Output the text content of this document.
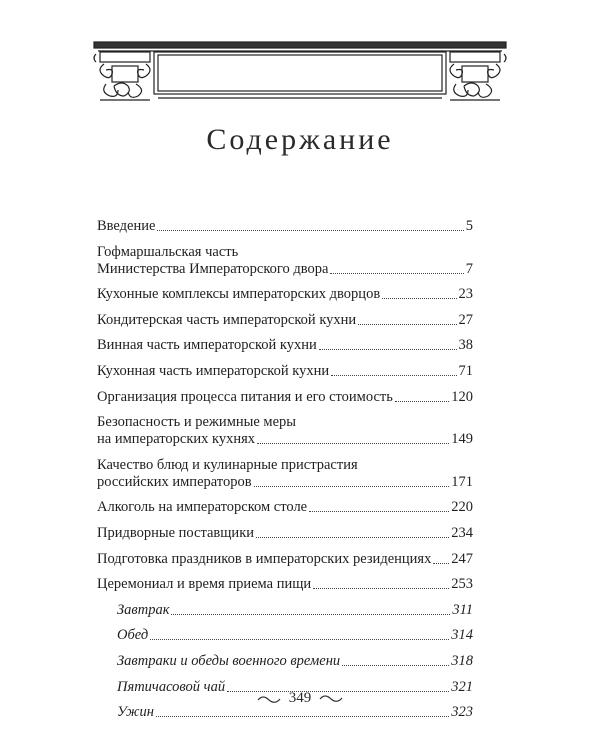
Содержание
Введение	5
Гофмаршальская часть
Министерства Императорского двора	7
Кухонные комплексы императорских дворцов	23
Кондитерская часть императорской кухни	27
Винная часть императорской кухни	38
Кухонная часть императорской кухни	71
Организация процесса питания и его стоимость	120
Безопасность и режимные меры
на императорских кухнях	149
Качество блюд и кулинарные пристрастия
российских императоров	171
Алкоголь на императорском столе	220
Придворные поставщики	234
Подготовка праздников в императорских резиденциях 247
Церемониал и время приема пищи	253
Завтрак	311
Обед	314
Завтраки и обеды военного времени	318
Пятичасовой чай	321
Ужин	323
349
